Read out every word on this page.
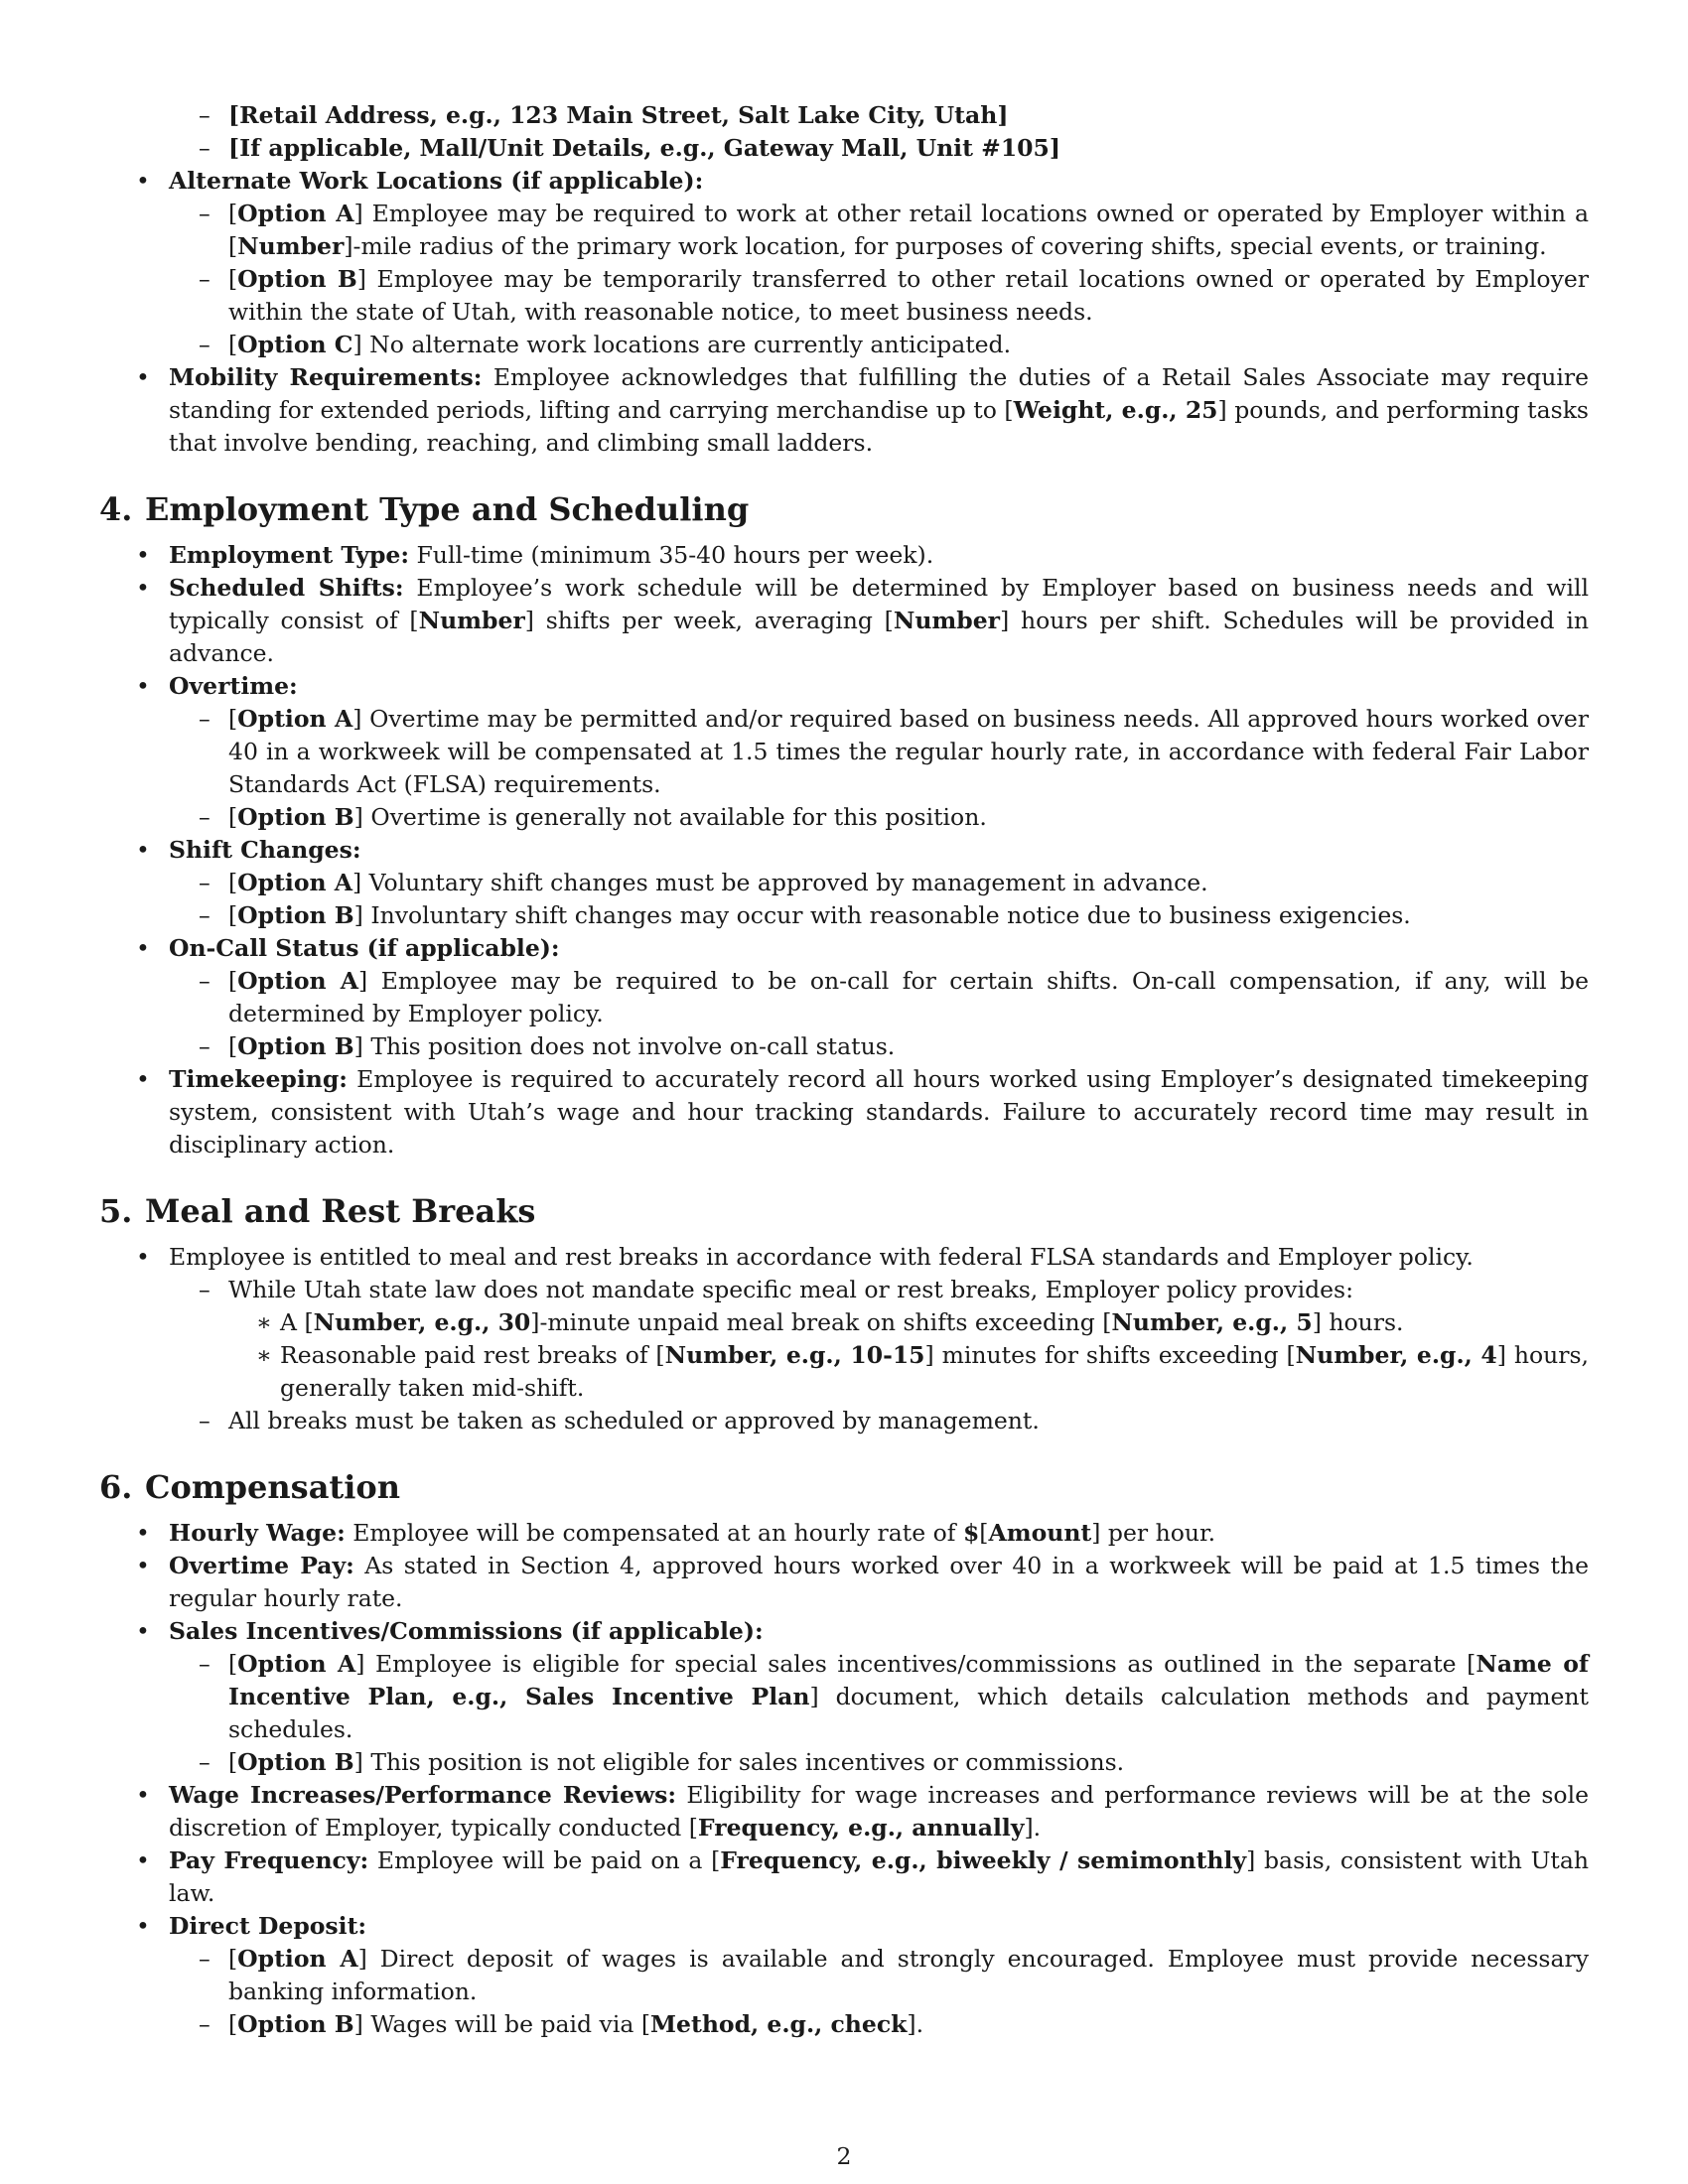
– [Retail Address, e.g., 123 Main Street, Salt Lake City, Utah]
– [If applicable, Mall/Unit Details, e.g., Gateway Mall, Unit #105]
• Alternate Work Locations (if applicable):
– [Option A] Employee may be required to work at other retail locations owned or operated by Employer within a [Number]-mile radius of the primary work location, for purposes of covering shifts, special events, or training.
– [Option B] Employee may be temporarily transferred to other retail locations owned or operated by Employer within the state of Utah, with reasonable notice, to meet business needs.
– [Option C] No alternate work locations are currently anticipated.
• Mobility Requirements: Employee acknowledges that fulfilling the duties of a Retail Sales Associate may require standing for extended periods, lifting and carrying merchandise up to [Weight, e.g., 25] pounds, and performing tasks that involve bending, reaching, and climbing small ladders.
4. Employment Type and Scheduling
• Employment Type: Full-time (minimum 35-40 hours per week).
• Scheduled Shifts: Employee’s work schedule will be determined by Employer based on business needs and will typically consist of [Number] shifts per week, averaging [Number] hours per shift. Schedules will be provided in advance.
• Overtime:
– [Option A] Overtime may be permitted and/or required based on business needs. All approved hours worked over 40 in a workweek will be compensated at 1.5 times the regular hourly rate, in accordance with federal Fair Labor Standards Act (FLSA) requirements.
– [Option B] Overtime is generally not available for this position.
• Shift Changes:
– [Option A] Voluntary shift changes must be approved by management in advance.
– [Option B] Involuntary shift changes may occur with reasonable notice due to business exigencies.
• On-Call Status (if applicable):
– [Option A] Employee may be required to be on-call for certain shifts. On-call compensation, if any, will be determined by Employer policy.
– [Option B] This position does not involve on-call status.
• Timekeeping: Employee is required to accurately record all hours worked using Employer’s designated timekeeping system, consistent with Utah’s wage and hour tracking standards. Failure to accurately record time may result in disciplinary action.
5. Meal and Rest Breaks
• Employee is entitled to meal and rest breaks in accordance with federal FLSA standards and Employer policy.
– While Utah state law does not mandate specific meal or rest breaks, Employer policy provides:
∗ A [Number, e.g., 30]-minute unpaid meal break on shifts exceeding [Number, e.g., 5] hours.
∗ Reasonable paid rest breaks of [Number, e.g., 10-15] minutes for shifts exceeding [Number, e.g., 4] hours, generally taken mid-shift.
– All breaks must be taken as scheduled or approved by management.
6. Compensation
• Hourly Wage: Employee will be compensated at an hourly rate of $[Amount] per hour.
• Overtime Pay: As stated in Section 4, approved hours worked over 40 in a workweek will be paid at 1.5 times the regular hourly rate.
• Sales Incentives/Commissions (if applicable):
– [Option A] Employee is eligible for special sales incentives/commissions as outlined in the separate [Name of Incentive Plan, e.g., Sales Incentive Plan] document, which details calculation methods and payment schedules.
– [Option B] This position is not eligible for sales incentives or commissions.
• Wage Increases/Performance Reviews: Eligibility for wage increases and performance reviews will be at the sole discretion of Employer, typically conducted [Frequency, e.g., annually].
• Pay Frequency: Employee will be paid on a [Frequency, e.g., biweekly / semimonthly] basis, consistent with Utah law.
• Direct Deposit:
– [Option A] Direct deposit of wages is available and strongly encouraged. Employee must provide necessary banking information.
– [Option B] Wages will be paid via [Method, e.g., check].
2
